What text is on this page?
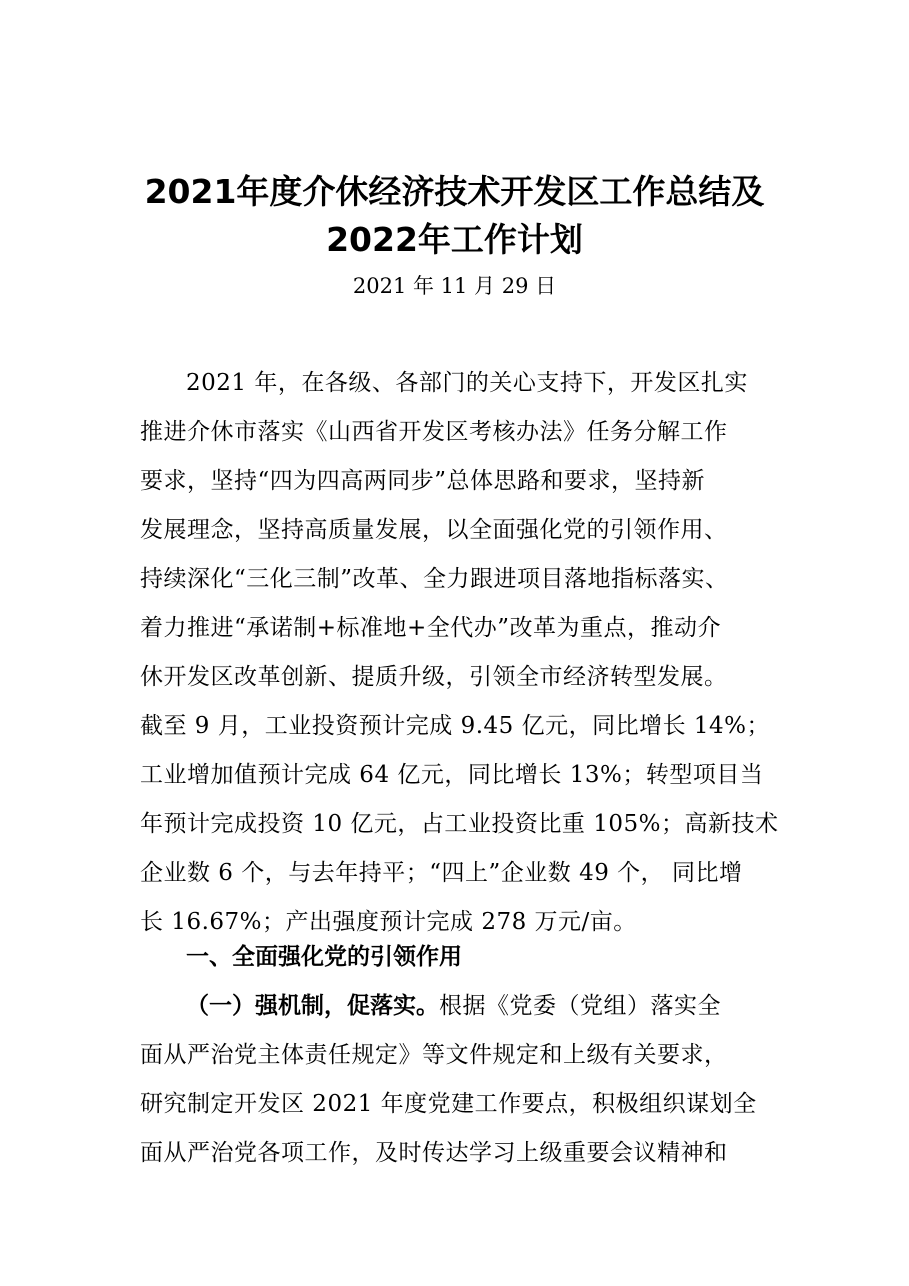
2021年度介休经济技术开发区工作总结及
2022年工作计划
2021 年 11 月 29 日
2021 年，在各级、各部门的关心支持下，开发区扎实
推进介休市落实《山西省开发区考核办法》任务分解工作
要求，坚持“四为四高两同步”总体思路和要求，坚持新
发展理念，坚持高质量发展，以全面强化党的引领作用、
持续深化“三化三制”改革、全力跟进项目落地指标落实、
着力推进“承诺制+标准地+全代办”改革为重点，推动介
休开发区改革创新、提质升级，引领全市经济转型发展。
截至 9 月，工业投资预计完成 9.45 亿元，同比增长 14%；
工业增加值预计完成 64 亿元，同比增长 13%；转型项目当
年预计完成投资 10 亿元，占工业投资比重 105%；高新技术
企业数 6 个，与去年持平；“四上”企业数 49 个， 同比增
长 16.67%；产出强度预计完成 278 万元/亩。
一、全面强化党的引领作用
（一）强机制，促落实。根据《党委（党组）落实全
面从严治党主体责任规定》等文件规定和上级有关要求，
研究制定开发区 2021 年度党建工作要点，积极组织谋划全
面从严治党各项工作，及时传达学习上级重要会议精神和
